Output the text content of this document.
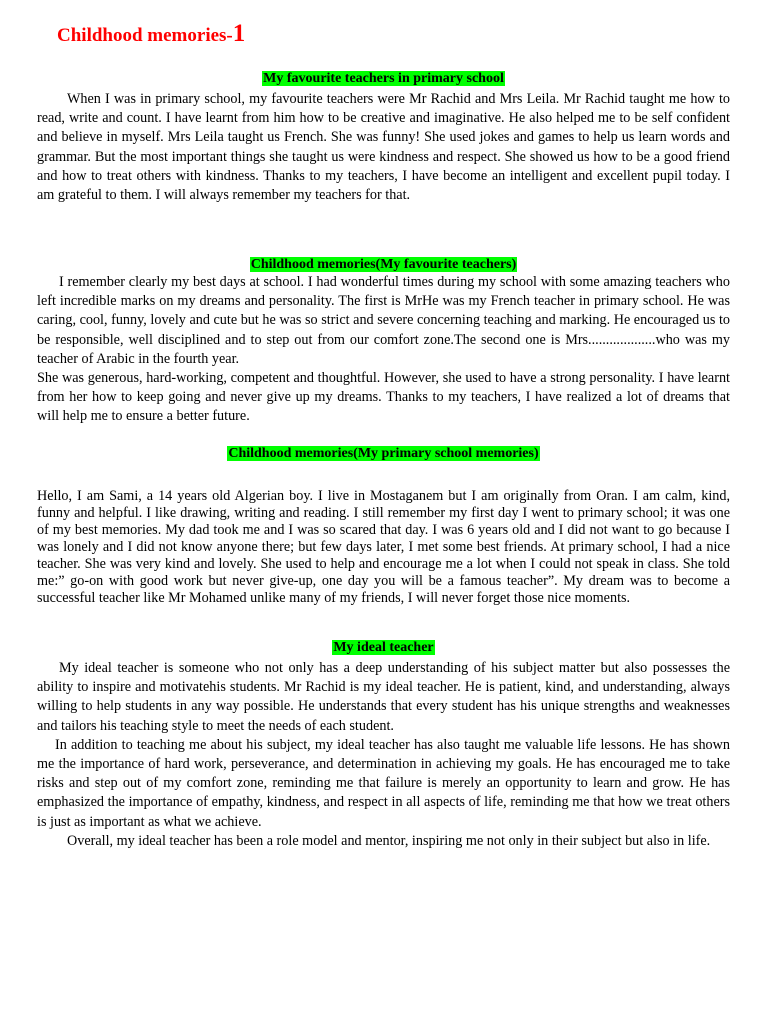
Childhood memories-1
My favourite teachers in primary school

When I was in primary school, my favourite teachers were Mr Rachid and Mrs Leila. Mr Rachid taught me how to read, write and count. I have learnt from him how to be creative and imaginative. He also helped me to be self confident and believe in myself. Mrs Leila taught us French. She was funny! She used jokes and games to help us learn words and grammar. But the most important things she taught us were kindness and respect. She showed us how to be a good friend and how to treat others with kindness. Thanks to my teachers, I have become an intelligent and excellent pupil today. I am grateful to them. I will always remember my teachers for that.

Childhood memories(My favourite teachers)

I remember clearly my best days at school. I had wonderful times during my school with some amazing teachers who left incredible marks on my dreams and personality. The first is MrHe was my French teacher in primary school. He was caring, cool, funny, lovely and cute but he was so strict and severe concerning teaching and marking. He encouraged us to be responsible, well disciplined and to step out from our comfort zone.The second one is Mrs...................who was my teacher of Arabic in the fourth year.

She was generous, hard-working, competent and thoughtful. However, she used to have a strong personality. I have learnt from her how to keep going and never give up my dreams. Thanks to my teachers, I have realized a lot of dreams that will help me to ensure a better future.

Childhood memories(My primary school memories)

Hello, I am Sami, a 14 years old Algerian boy. I live in Mostaganem but I am originally from Oran. I am calm, kind, funny and helpful. I like drawing, writing and reading. I still remember my first day I went to primary school; it was one of my best memories. My dad took me and I was so scared that day. I was 6 years old and I did not want to go because I was lonely and I did not know anyone there; but few days later, I met some best friends. At primary school, I had a nice teacher. She was very kind and lovely. She used to help and encourage me a lot when I could not speak in class. She told me:” go-on with good work but never give-up, one day you will be a famous teacher”. My dream was to become a successful teacher like Mr Mohamed unlike many of my friends, I will never forget those nice moments.

My ideal teacher

My ideal teacher is someone who not only has a deep understanding of his subject matter but also possesses the ability to inspire and motivatehis students. Mr Rachid is my ideal teacher. He is patient, kind, and understanding, always willing to help students in any way possible. He understands that every student has his unique strengths and weaknesses and tailors his teaching style to meet the needs of each student.

In addition to teaching me about his subject, my ideal teacher has also taught me valuable life lessons. He has shown me the importance of hard work, perseverance, and determination in achieving my goals. He has encouraged me to take risks and step out of my comfort zone, reminding me that failure is merely an opportunity to learn and grow. He has emphasized the importance of empathy, kindness, and respect in all aspects of life, reminding me that how we treat others is just as important as what we achieve.

Overall, my ideal teacher has been a role model and mentor, inspiring me not only in their subject but also in life.
